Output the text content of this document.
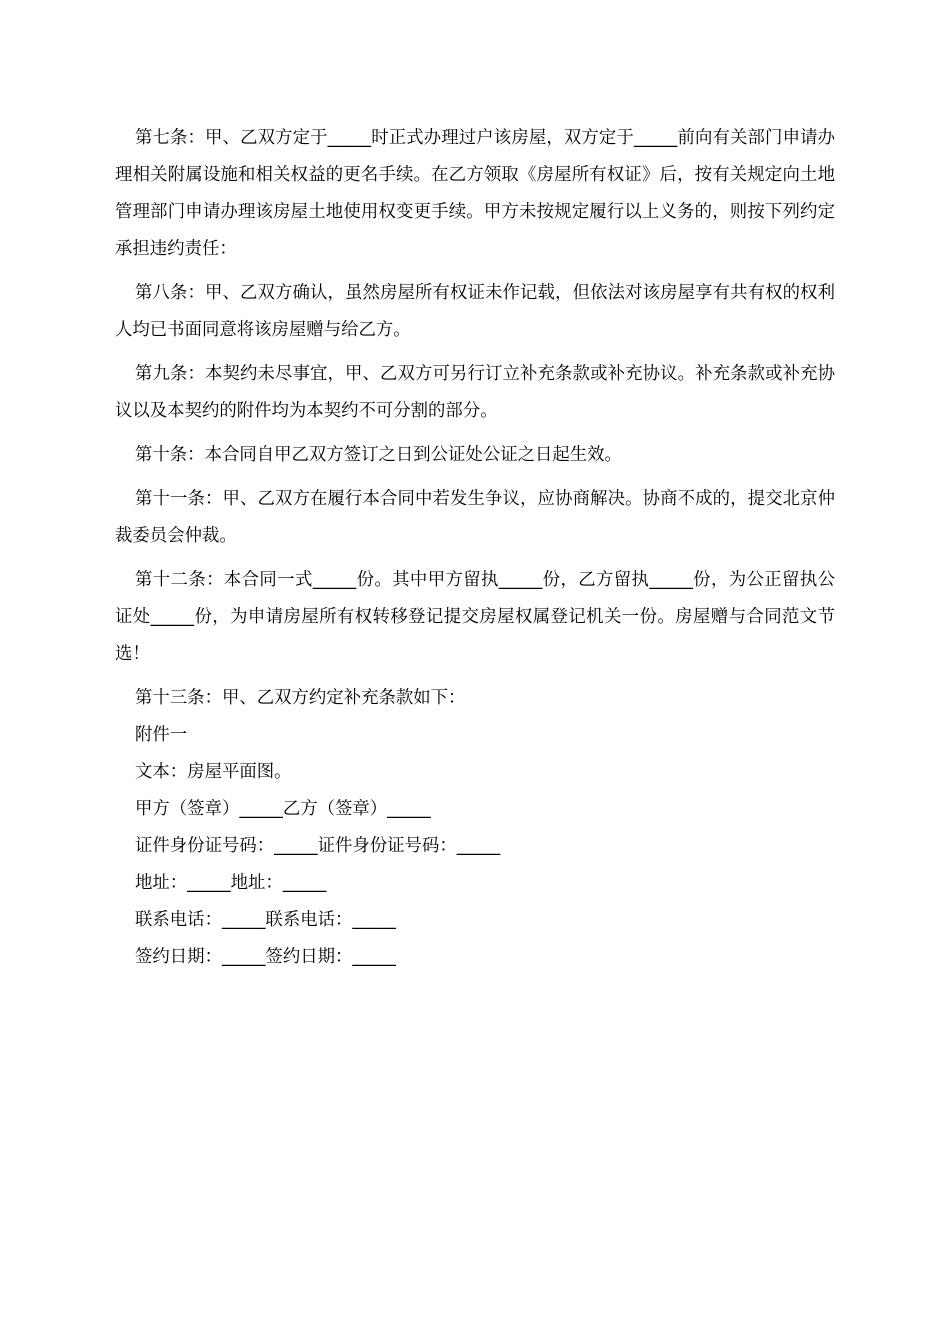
第七条：甲、乙双方定于_____时正式办理过户该房屋，双方定于_____前向有关部门申请办理相关附属设施和相关权益的更名手续。在乙方领取《房屋所有权证》后，按有关规定向土地管理部门申请办理该房屋土地使用权变更手续。甲方未按规定履行以上义务的，则按下列约定承担违约责任：

第八条：甲、乙双方确认，虽然房屋所有权证未作记载，但依法对该房屋享有共有权的权利人均已书面同意将该房屋赠与给乙方。

第九条：本契约未尽事宜，甲、乙双方可另行订立补充条款或补充协议。补充条款或补充协议以及本契约的附件均为本契约不可分割的部分。

第十条：本合同自甲乙双方签订之日到公证处公证之日起生效。

第十一条：甲、乙双方在履行本合同中若发生争议，应协商解决。协商不成的，提交北京仲裁委员会仲裁。

第十二条：本合同一式_____份。其中甲方留执_____份，乙方留执_____份，为公正留执公证处_____份，为申请房屋所有权转移登记提交房屋权属登记机关一份。房屋赠与合同范文节选！

第十三条：甲、乙双方约定补充条款如下：

附件一

文本：房屋平面图。

甲方（签章）_____乙方（签章）_____

证件身份证号码：_____证件身份证号码：_____

地址：_____地址：_____

联系电话：_____联系电话：_____

签约日期：_____签约日期：_____
